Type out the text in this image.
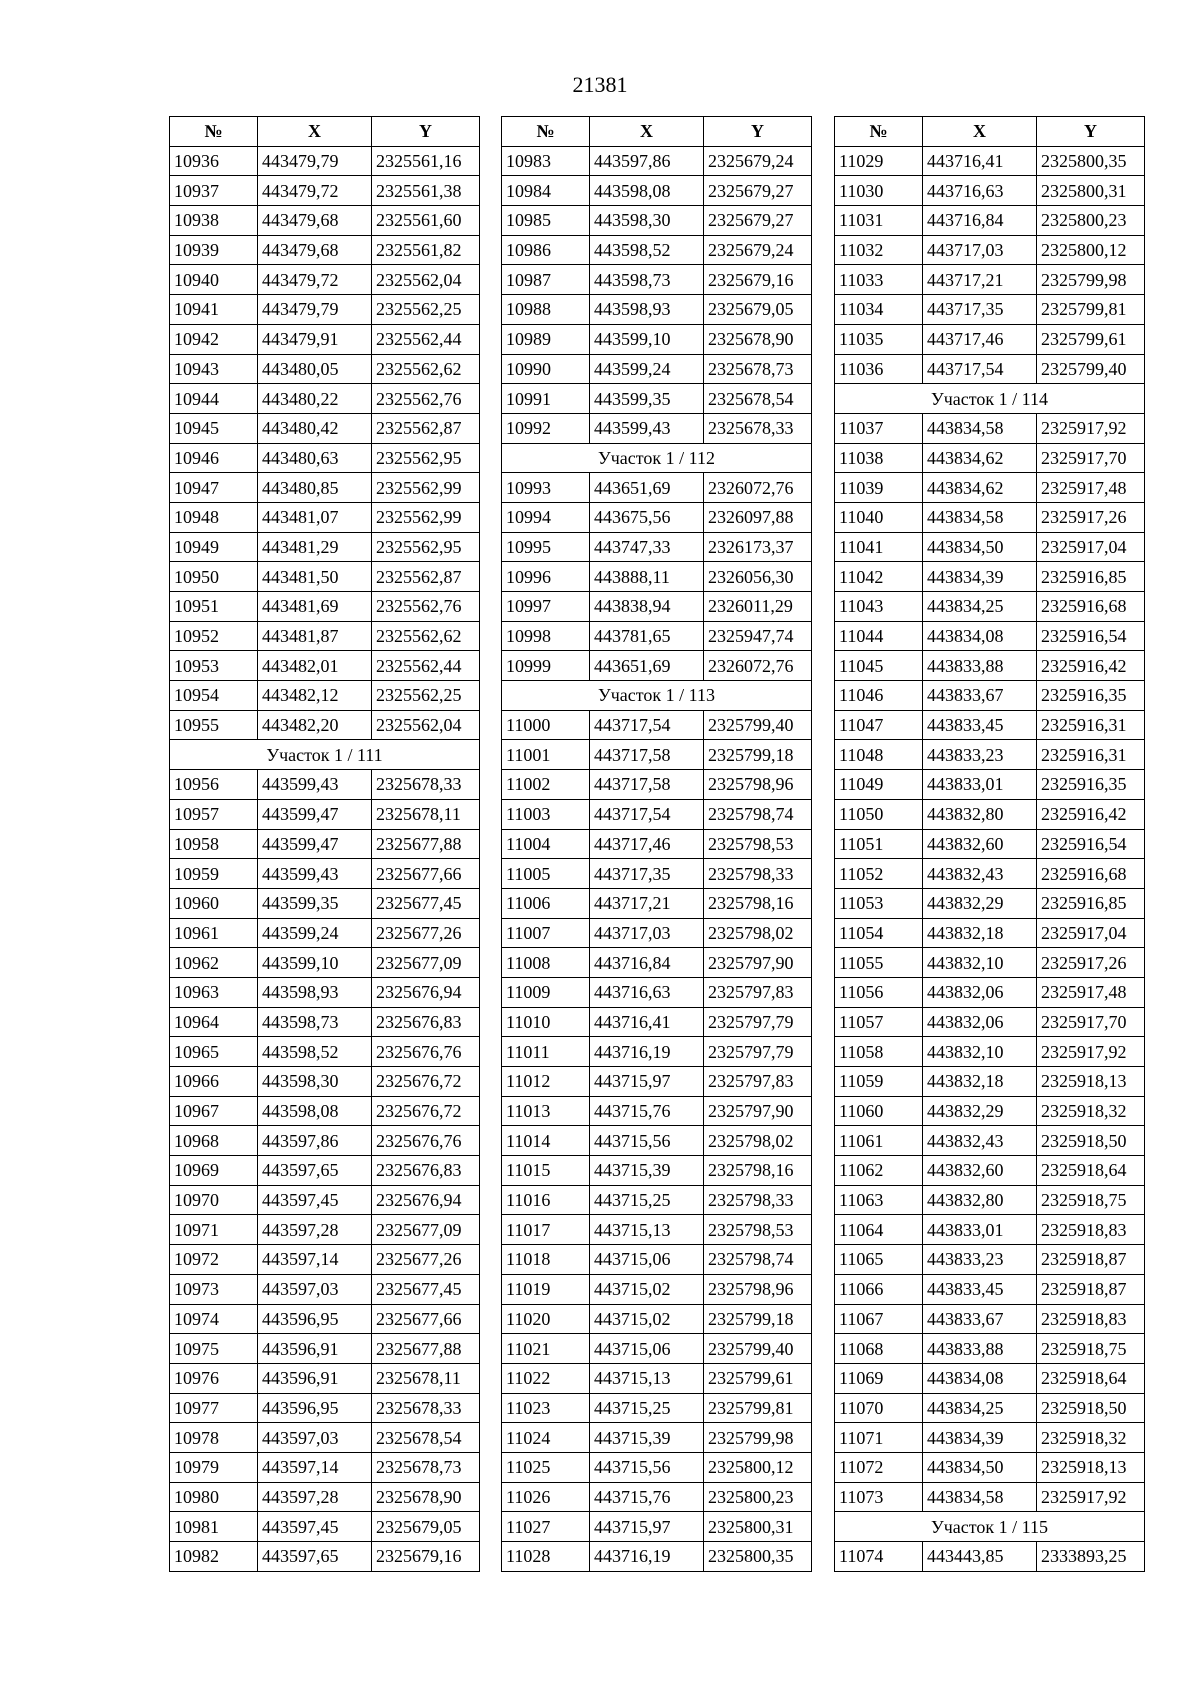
21381
№	X	Y
10936	443479,79	2325561,16
10937	443479,72	2325561,38
10938	443479,68	2325561,60
10939	443479,68	2325561,82
10940	443479,72	2325562,04
10941	443479,79	2325562,25
10942	443479,91	2325562,44
10943	443480,05	2325562,62
10944	443480,22	2325562,76
10945	443480,42	2325562,87
10946	443480,63	2325562,95
10947	443480,85	2325562,99
10948	443481,07	2325562,99
10949	443481,29	2325562,95
10950	443481,50	2325562,87
10951	443481,69	2325562,76
10952	443481,87	2325562,62
10953	443482,01	2325562,44
10954	443482,12	2325562,25
10955	443482,20	2325562,04
Участок 1 / 111		
10956	443599,43	2325678,33
10957	443599,47	2325678,11
10958	443599,47	2325677,88
10959	443599,43	2325677,66
10960	443599,35	2325677,45
10961	443599,24	2325677,26
10962	443599,10	2325677,09
10963	443598,93	2325676,94
10964	443598,73	2325676,83
10965	443598,52	2325676,76
10966	443598,30	2325676,72
10967	443598,08	2325676,72
10968	443597,86	2325676,76
10969	443597,65	2325676,83
10970	443597,45	2325676,94
10971	443597,28	2325677,09
10972	443597,14	2325677,26
10973	443597,03	2325677,45
10974	443596,95	2325677,66
10975	443596,91	2325677,88
10976	443596,91	2325678,11
10977	443596,95	2325678,33
10978	443597,03	2325678,54
10979	443597,14	2325678,73
10980	443597,28	2325678,90
10981	443597,45	2325679,05
10982	443597,65	2325679,16
№	X	Y
10983	443597,86	2325679,24
10984	443598,08	2325679,27
10985	443598,30	2325679,27
10986	443598,52	2325679,24
10987	443598,73	2325679,16
10988	443598,93	2325679,05
10989	443599,10	2325678,90
10990	443599,24	2325678,73
10991	443599,35	2325678,54
10992	443599,43	2325678,33
Участок 1 / 112		
10993	443651,69	2326072,76
10994	443675,56	2326097,88
10995	443747,33	2326173,37
10996	443888,11	2326056,30
10997	443838,94	2326011,29
10998	443781,65	2325947,74
10999	443651,69	2326072,76
Участок 1 / 113		
11000	443717,54	2325799,40
11001	443717,58	2325799,18
11002	443717,58	2325798,96
11003	443717,54	2325798,74
11004	443717,46	2325798,53
11005	443717,35	2325798,33
11006	443717,21	2325798,16
11007	443717,03	2325798,02
11008	443716,84	2325797,90
11009	443716,63	2325797,83
11010	443716,41	2325797,79
11011	443716,19	2325797,79
11012	443715,97	2325797,83
11013	443715,76	2325797,90
11014	443715,56	2325798,02
11015	443715,39	2325798,16
11016	443715,25	2325798,33
11017	443715,13	2325798,53
11018	443715,06	2325798,74
11019	443715,02	2325798,96
11020	443715,02	2325799,18
11021	443715,06	2325799,40
11022	443715,13	2325799,61
11023	443715,25	2325799,81
11024	443715,39	2325799,98
11025	443715,56	2325800,12
11026	443715,76	2325800,23
11027	443715,97	2325800,31
11028	443716,19	2325800,35
№	X	Y
11029	443716,41	2325800,35
11030	443716,63	2325800,31
11031	443716,84	2325800,23
11032	443717,03	2325800,12
11033	443717,21	2325799,98
11034	443717,35	2325799,81
11035	443717,46	2325799,61
11036	443717,54	2325799,40
Участок 1 / 114		
11037	443834,58	2325917,92
11038	443834,62	2325917,70
11039	443834,62	2325917,48
11040	443834,58	2325917,26
11041	443834,50	2325917,04
11042	443834,39	2325916,85
11043	443834,25	2325916,68
11044	443834,08	2325916,54
11045	443833,88	2325916,42
11046	443833,67	2325916,35
11047	443833,45	2325916,31
11048	443833,23	2325916,31
11049	443833,01	2325916,35
11050	443832,80	2325916,42
11051	443832,60	2325916,54
11052	443832,43	2325916,68
11053	443832,29	2325916,85
11054	443832,18	2325917,04
11055	443832,10	2325917,26
11056	443832,06	2325917,48
11057	443832,06	2325917,70
11058	443832,10	2325917,92
11059	443832,18	2325918,13
11060	443832,29	2325918,32
11061	443832,43	2325918,50
11062	443832,60	2325918,64
11063	443832,80	2325918,75
11064	443833,01	2325918,83
11065	443833,23	2325918,87
11066	443833,45	2325918,87
11067	443833,67	2325918,83
11068	443833,88	2325918,75
11069	443834,08	2325918,64
11070	443834,25	2325918,50
11071	443834,39	2325918,32
11072	443834,50	2325918,13
11073	443834,58	2325917,92
Участок 1 / 115		
11074	443443,85	2333893,25
